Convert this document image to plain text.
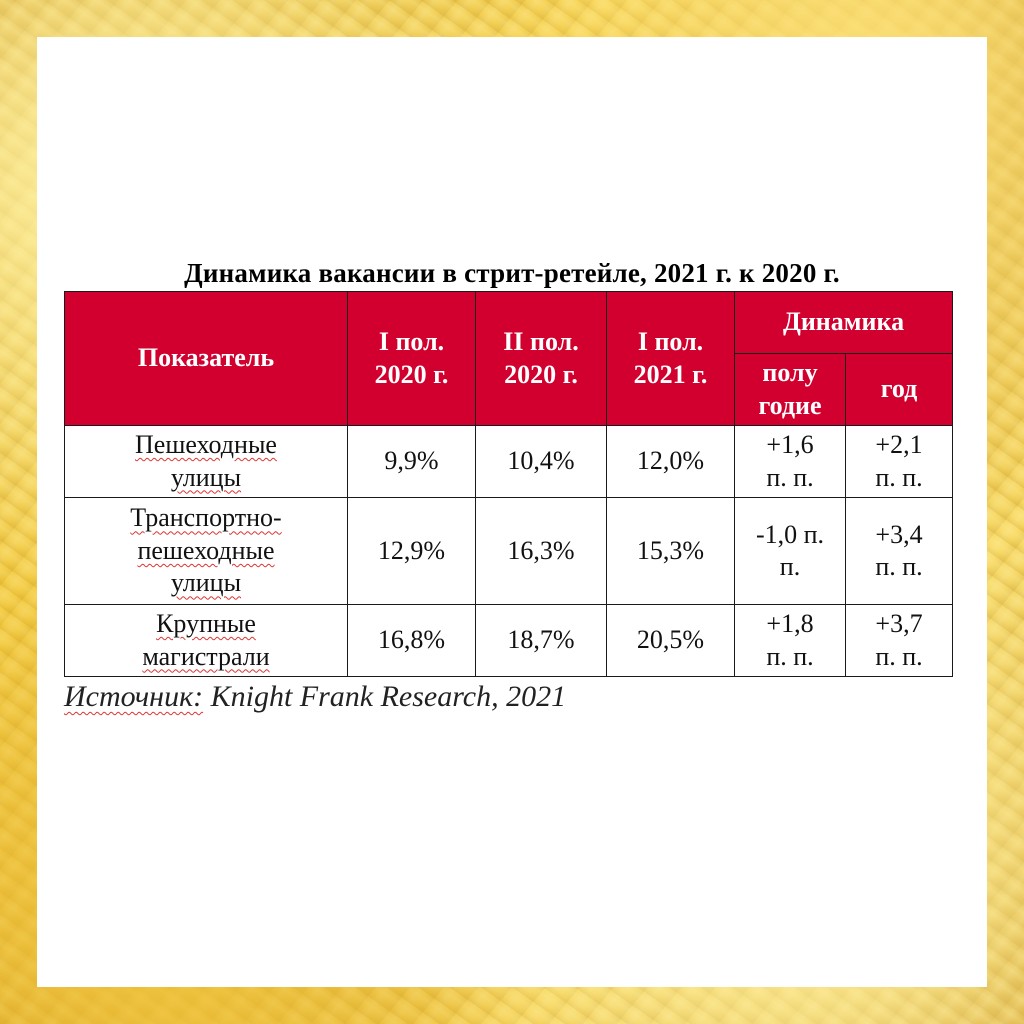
Динамика вакансии в стрит-ретейле, 2021 г. к 2020 г.
Показатель	I пол. 2020 г.	II пол. 2020 г.	I пол. 2021 г.	Динамика	
				полу годие	год
Пешеходные улицы	9,9%	10,4%	12,0%	+1,6 п. п.	+2,1 п. п.
Транспортно-пешеходные улицы	12,9%	16,3%	15,3%	-1,0 п. п.	+3,4 п. п.
Крупные магистрали	16,8%	18,7%	20,5%	+1,8 п. п.	+3,7 п. п.
Источник: Knight Frank Research, 2021
